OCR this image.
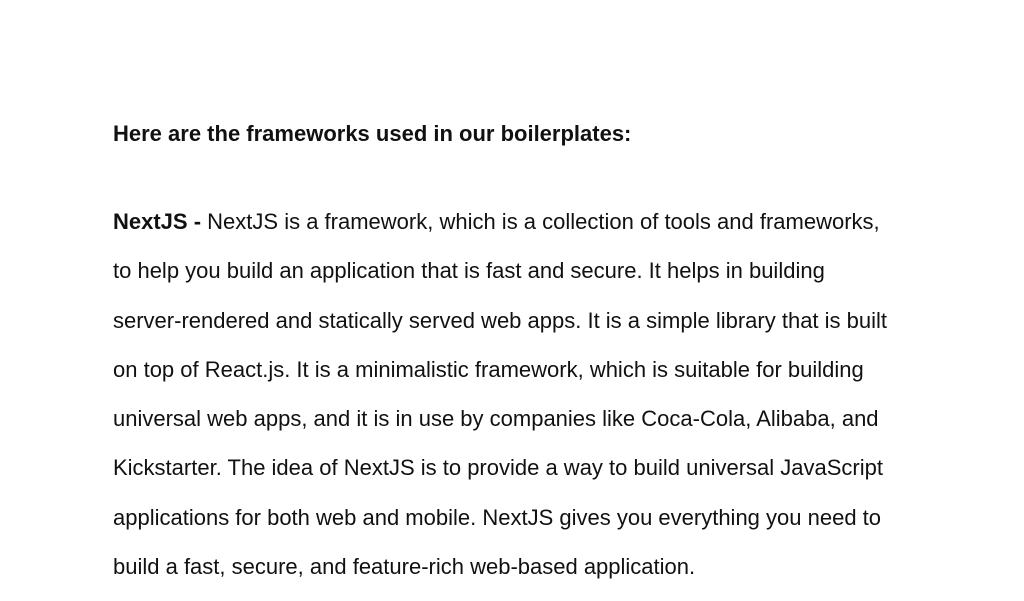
Here are the frameworks used in our boilerplates:
NextJS - NextJS is a framework, which is a collection of tools and frameworks,
to help you build an application that is fast and secure. It helps in building
server-rendered and statically served web apps. It is a simple library that is built
on top of React.js. It is a minimalistic framework, which is suitable for building
universal web apps, and it is in use by companies like Coca-Cola, Alibaba, and
Kickstarter. The idea of NextJS is to provide a way to build universal JavaScript
applications for both web and mobile. NextJS gives you everything you need to
build a fast, secure, and feature-rich web-based application.
